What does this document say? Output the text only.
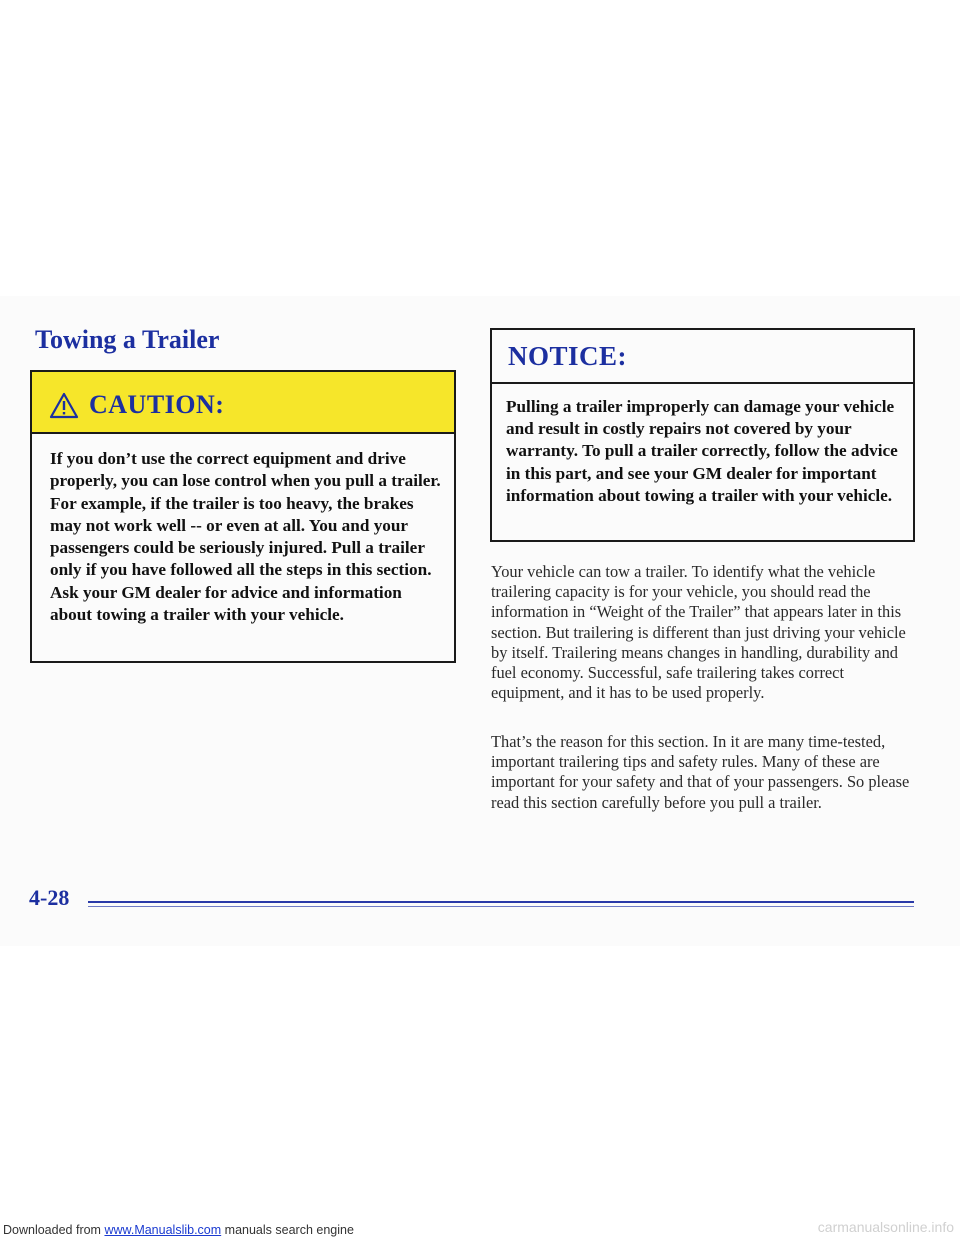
Towing a Trailer
CAUTION:
If you don’t use the correct equipment and drive properly, you can lose control when you pull a trailer. For example, if the trailer is too heavy, the brakes may not work well -- or even at all. You and your passengers could be seriously injured. Pull a trailer only if you have followed all the steps in this section. Ask your GM dealer for advice and information about towing a trailer with your vehicle.
NOTICE:
Pulling a trailer improperly can damage your vehicle and result in costly repairs not covered by your warranty. To pull a trailer correctly, follow the advice in this part, and see your GM dealer for important information about towing a trailer with your vehicle.
Your vehicle can tow a trailer. To identify what the vehicle trailering capacity is for your vehicle, you should read the information in “Weight of the Trailer” that appears later in this section. But trailering is different than just driving your vehicle by itself. Trailering means changes in handling, durability and fuel economy. Successful, safe trailering takes correct equipment, and it has to be used properly.
That’s the reason for this section. In it are many time-tested, important trailering tips and safety rules. Many of these are important for your safety and that of your passengers. So please read this section carefully before you pull a trailer.
4-28
Downloaded from www.Manualslib.com manuals search engine	carmanualsonline.info
